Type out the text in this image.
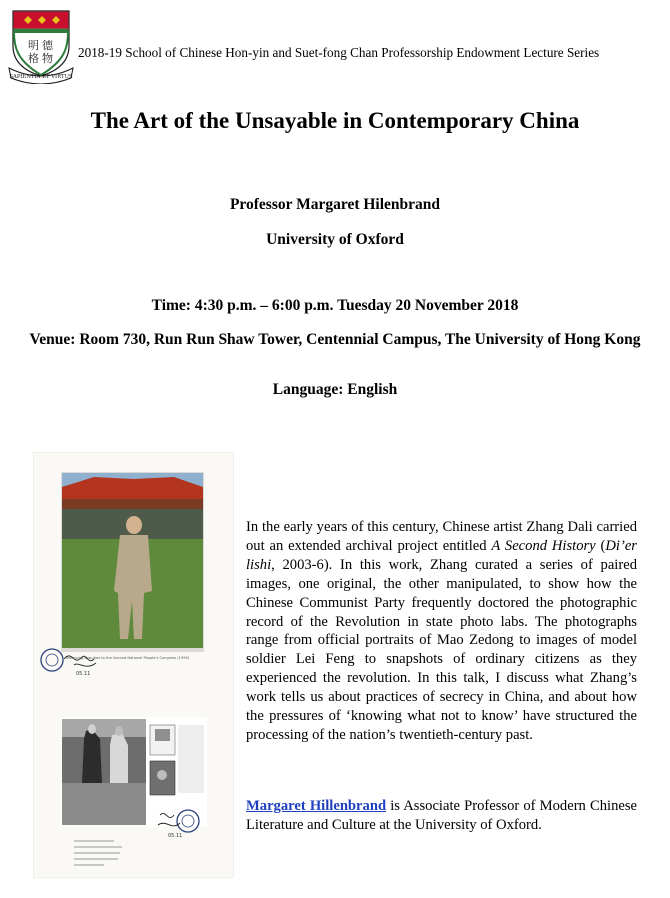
明 德
格 物
SAPIENTIA ET VIRTUS
2018-19 School of Chinese Hon-yin and Suet-fong Chan Professorship Endowment Lecture Series
The Art of the Unsayable in Contemporary China
Professor Margaret Hilenbrand
University of Oxford
Time: 4:30 p.m. – 6:00 p.m. Tuesday 20 November 2018
Venue: Room 730, Run Run Shaw Tower, Centennial Campus, The University of Hong Kong
Language: English
Receiving deputies to the Second National People's Congress (1959)
05.11
05.11
In the early years of this century, Chinese artist Zhang Dali carried out an extended archival project entitled A Second History (Di’er lishi, 2003-6). In this work, Zhang curated a series of paired images, one original, the other manipulated, to show how the Chinese Communist Party frequently doctored the photographic record of the Revolution in state photo labs. The photographs range from official portraits of Mao Zedong to images of model soldier Lei Feng to snapshots of ordinary citizens as they experienced the revolution. In this talk, I discuss what Zhang’s work tells us about practices of secrecy in China, and about how the pressures of ‘knowing what not to know’ have structured the processing of the nation’s twentieth-century past.
Margaret Hillenbrand is Associate Professor of Modern Chinese Literature and Culture at the University of Oxford.
